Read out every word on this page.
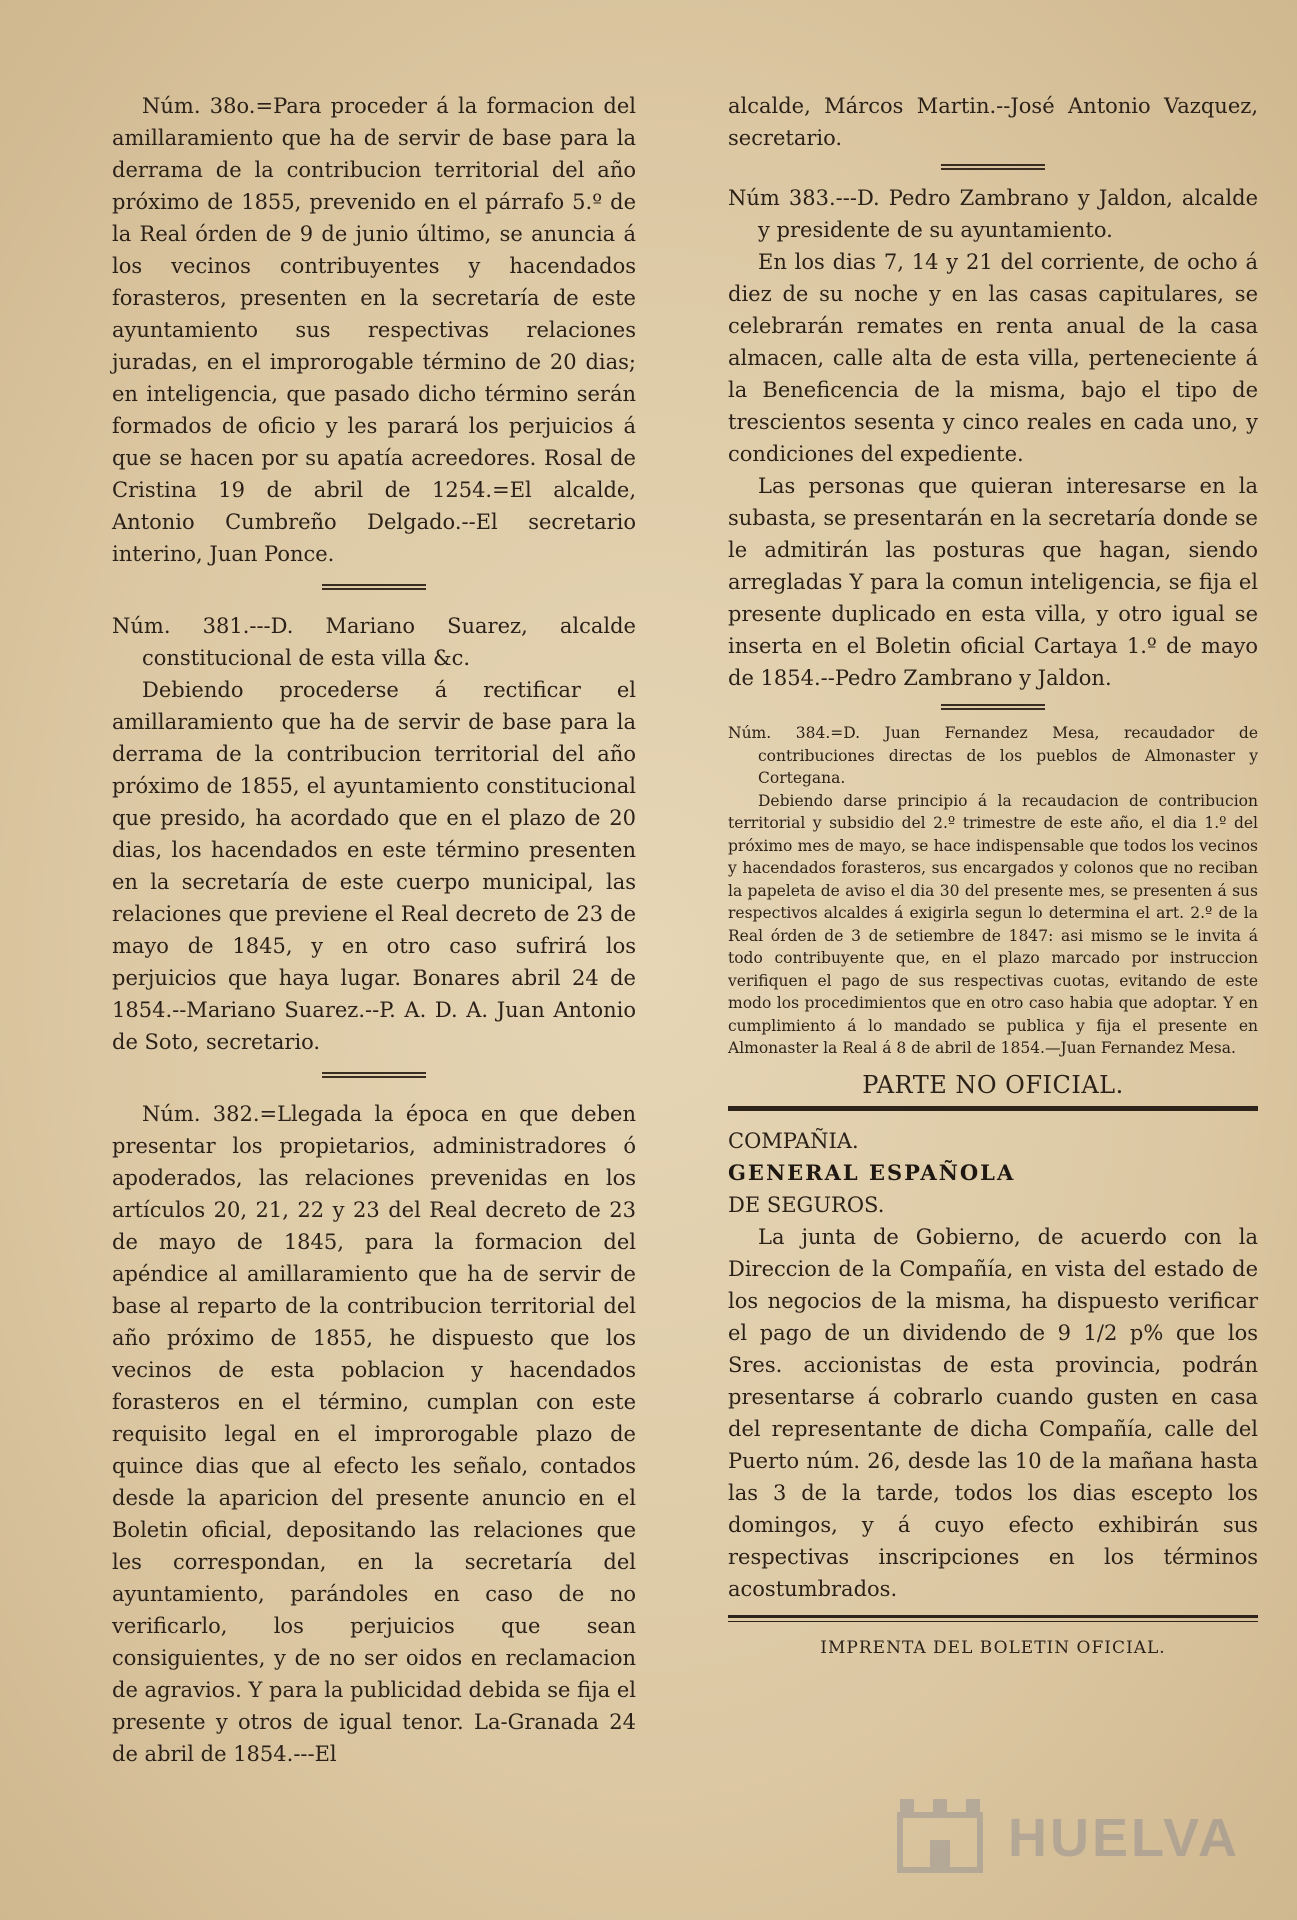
Núm. 38o.=Para proceder á la formacion del amillaramiento que ha de servir de base para la derrama de la contribucion territorial del año próximo de 1855, prevenido en el párrafo 5.º de la Real órden de 9 de junio último, se anuncia á los vecinos contribuyentes y hacendados forasteros, presenten en la secretaría de este ayuntamiento sus respectivas relaciones juradas, en el improrogable término de 20 dias; en inteligencia, que pasado dicho término serán formados de oficio y les parará los perjuicios á que se hacen por su apatía acreedores. Rosal de Cristina 19 de abril de 1254.=El alcalde, Antonio Cumbreño Delgado.--El secretario interino, Juan Ponce.

Núm. 381.---D. Mariano Suarez, alcalde constitucional de esta villa &c.

Debiendo procederse á rectificar el amillaramiento que ha de servir de base para la derrama de la contribucion territorial del año próximo de 1855, el ayuntamiento constitucional que presido, ha acordado que en el plazo de 20 dias, los hacendados en este término presenten en la secretaría de este cuerpo municipal, las relaciones que previene el Real decreto de 23 de mayo de 1845, y en otro caso sufrirá los perjuicios que haya lugar. Bonares abril 24 de 1854.--Mariano Suarez.--P. A. D. A. Juan Antonio de Soto, secretario.

Núm. 382.=Llegada la época en que deben presentar los propietarios, administradores ó apoderados, las relaciones prevenidas en los artículos 20, 21, 22 y 23 del Real decreto de 23 de mayo de 1845, para la formacion del apéndice al amillaramiento que ha de servir de base al reparto de la contribucion territorial del año próximo de 1855, he dispuesto que los vecinos de esta poblacion y hacendados forasteros en el término, cumplan con este requisito legal en el improrogable plazo de quince dias que al efecto les señalo, contados desde la aparicion del presente anuncio en el Boletin oficial, depositando las relaciones que les correspondan, en la secretaría del ayuntamiento, parándoles en caso de no verificarlo, los perjuicios que sean consiguientes, y de no ser oidos en reclamacion de agravios. Y para la publicidad debida se fija el presente y otros de igual tenor. La-Granada 24 de abril de 1854.---El

alcalde, Márcos Martin.--José Antonio Vazquez, secretario.

Núm 383.---D. Pedro Zambrano y Jaldon, alcalde y presidente de su ayuntamiento.

En los dias 7, 14 y 21 del corriente, de ocho á diez de su noche y en las casas capitulares, se celebrarán remates en renta anual de la casa almacen, calle alta de esta villa, perteneciente á la Beneficencia de la misma, bajo el tipo de trescientos sesenta y cinco reales en cada uno, y condiciones del expediente.

Las personas que quieran interesarse en la subasta, se presentarán en la secretaría donde se le admitirán las posturas que hagan, siendo arregladas Y para la comun inteligencia, se fija el presente duplicado en esta villa, y otro igual se inserta en el Boletin oficial Cartaya 1.º de mayo de 1854.--Pedro Zambrano y Jaldon.

Núm. 384.=D. Juan Fernandez Mesa, recaudador de contribuciones directas de los pueblos de Almonaster y Cortegana.

Debiendo darse principio á la recaudacion de contribucion territorial y subsidio del 2.º trimestre de este año, el dia 1.º del próximo mes de mayo, se hace indispensable que todos los vecinos y hacendados forasteros, sus encargados y colonos que no reciban la papeleta de aviso el dia 30 del presente mes, se presenten á sus respectivos alcaldes á exigirla segun lo determina el art. 2.º de la Real órden de 3 de setiembre de 1847: asi mismo se le invita á todo contribuyente que, en el plazo marcado por instruccion verifiquen el pago de sus respectivas cuotas, evitando de este modo los procedimientos que en otro caso habia que adoptar. Y en cumplimiento á lo mandado se publica y fija el presente en Almonaster la Real á 8 de abril de 1854.—Juan Fernandez Mesa.

PARTE NO OFICIAL.

COMPAÑIA.

GENERAL ESPAÑOLA

DE SEGUROS.

La junta de Gobierno, de acuerdo con la Direccion de la Compañía, en vista del estado de los negocios de la misma, ha dispuesto verificar el pago de un dividendo de 9 1/2 p% que los Sres. accionistas de esta provincia, podrán presentarse á cobrarlo cuando gusten en casa del representante de dicha Compañía, calle del Puerto núm. 26, desde las 10 de la mañana hasta las 3 de la tarde, todos los dias escepto los domingos, y á cuyo efecto exhibirán sus respectivas inscripciones en los términos acostumbrados.

IMPRENTA DEL BOLETIN OFICIAL.
HUELVA
